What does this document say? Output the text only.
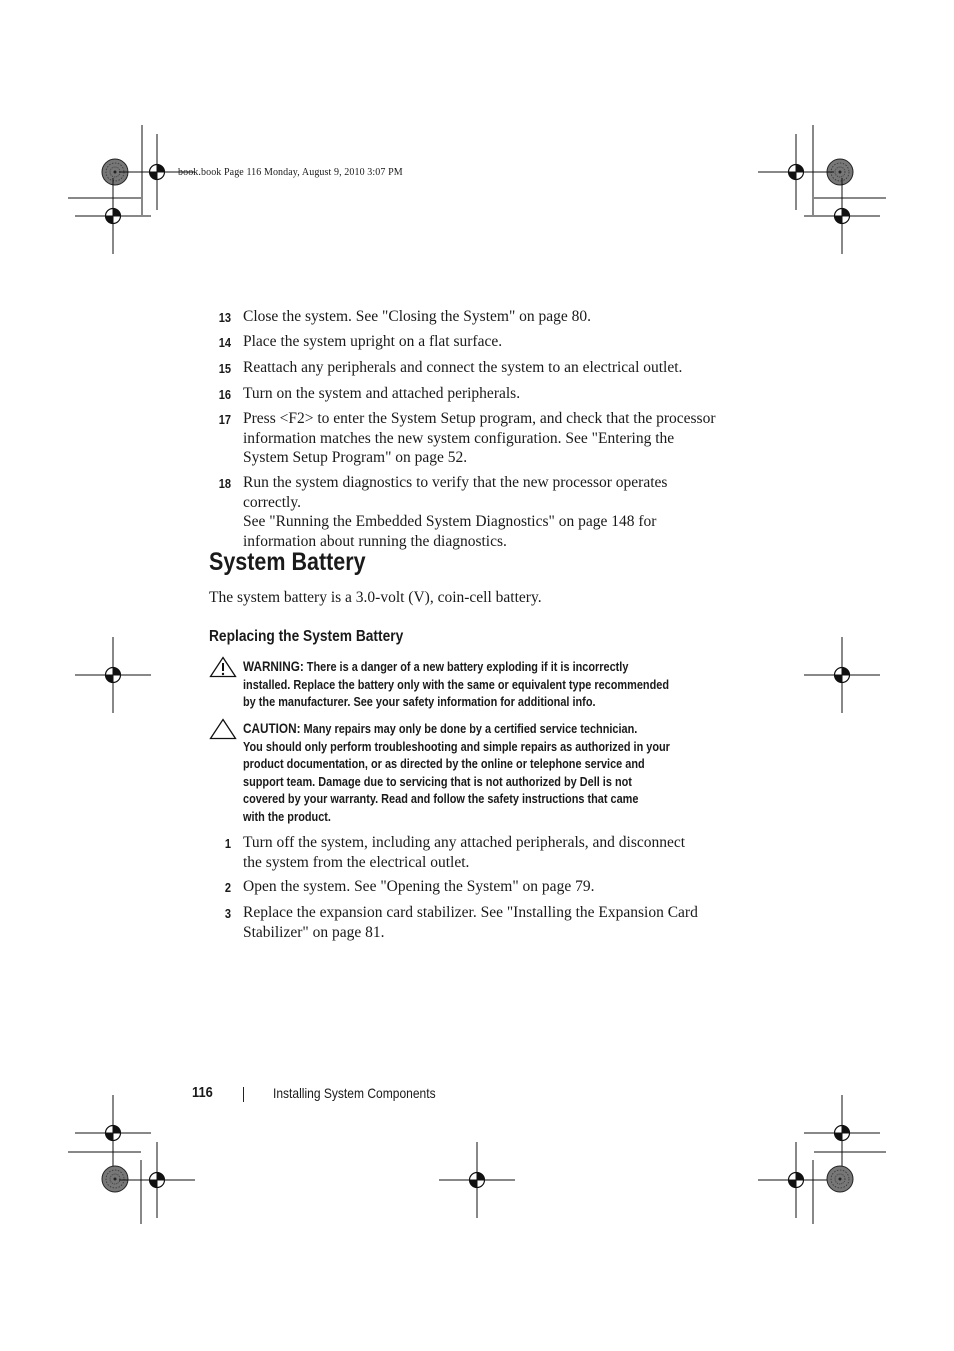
book.book Page 116 Monday, August 9, 2010 3:07 PM
13 Close the system. See "Closing the System" on page 80.
14 Place the system upright on a flat surface.
15 Reattach any peripherals and connect the system to an electrical outlet.
16 Turn on the system and attached peripherals.
17 Press <F2> to enter the System Setup program, and check that the processor
information matches the new system configuration. See "Entering the
System Setup Program" on page 52.
18 Run the system diagnostics to verify that the new processor operates correctly.
See "Running the Embedded System Diagnostics" on page 148 for
information about running the diagnostics.
System Battery
The system battery is a 3.0-volt (V), coin-cell battery.
Replacing the System Battery
WARNING: There is a danger of a new battery exploding if it is incorrectly
installed. Replace the battery only with the same or equivalent type recommended
by the manufacturer. See your safety information for additional info.
CAUTION: Many repairs may only be done by a certified service technician.
You should only perform troubleshooting and simple repairs as authorized in your
product documentation, or as directed by the online or telephone service and
support team. Damage due to servicing that is not authorized by Dell is not
covered by your warranty. Read and follow the safety instructions that came
with the product.
1 Turn off the system, including any attached peripherals, and disconnect
the system from the electrical outlet.
2 Open the system. See "Opening the System" on page 79.
3 Replace the expansion card stabilizer. See "Installing the Expansion Card
Stabilizer" on page 81.
116	Installing System Components
